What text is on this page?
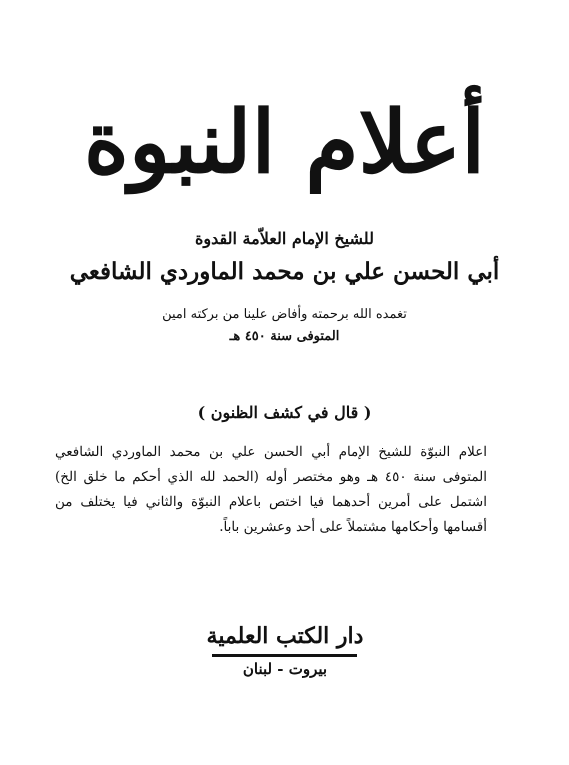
أعلام النبوة
للشيخ الإمام العلاّمة القدوة
أبي الحسن علي بن محمد الماوردي الشافعي
تغمده الله برحمته وأفاض علينا من بركته امين
المتوفى سنة ٤٥٠ هـ
( قال في كشف الظنون )
اعلام النبوّة للشيخ الإمام أبي الحسن علي بن محمد الماوردي الشافعي المتوفى سنة ٤٥٠ هـ وهو مختصر أوله (الحمد لله الذي أحكم ما خلق الخ) اشتمل على أمرين أحدهما فيا اختص باعلام النبوّة والثاني فيا يختلف من أقسامها وأحكامها مشتملاً على أحد وعشرين باباً.
دار الكتب العلمية
بيروت - لبنان
